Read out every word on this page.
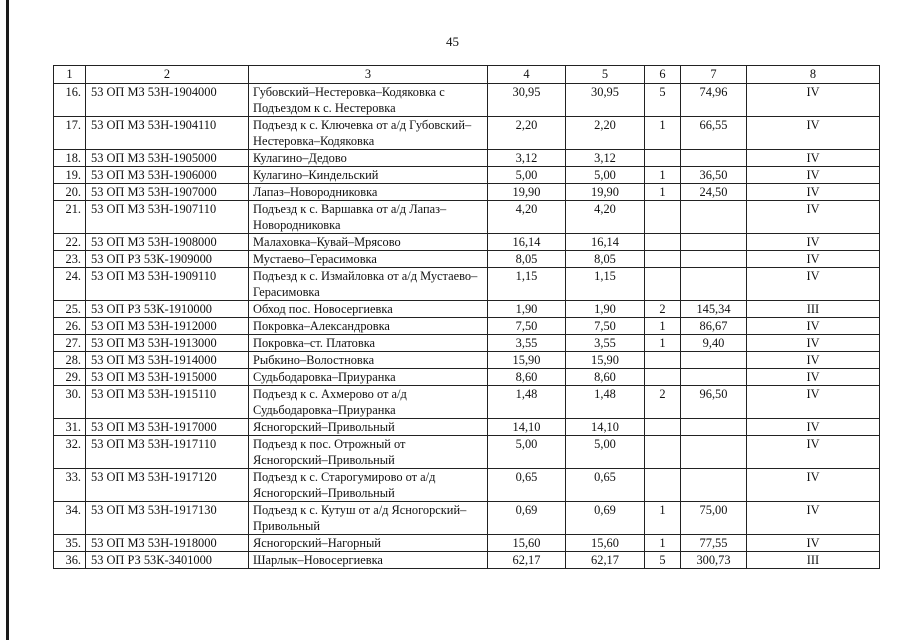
45
1	2	3	4	5	6	7	8
16.	53 ОП МЗ 53Н-1904000	Губовский–Нестеровка–Кодяковка с Подъездом к с. Нестеровка	30,95	30,95	5	74,96	IV
17.	53 ОП МЗ 53Н-1904110	Подъезд к с. Ключевка от а/д Губовский–Нестеровка–Кодяковка	2,20	2,20	1	66,55	IV
18.	53 ОП МЗ 53Н-1905000	Кулагино–Дедово	3,12	3,12			IV
19.	53 ОП МЗ 53Н-1906000	Кулагино–Киндельский	5,00	5,00	1	36,50	IV
20.	53 ОП МЗ 53Н-1907000	Лапаз–Новородниковка	19,90	19,90	1	24,50	IV
21.	53 ОП МЗ 53Н-1907110	Подъезд к с. Варшавка от а/д Лапаз–Новородниковка	4,20	4,20			IV
22.	53 ОП МЗ 53Н-1908000	Малаховка–Кувай–Мрясово	16,14	16,14			IV
23.	53 ОП РЗ 53К-1909000	Мустаево–Герасимовка	8,05	8,05			IV
24.	53 ОП МЗ 53Н-1909110	Подъезд к с. Измайловка от а/д Мустаево–Герасимовка	1,15	1,15			IV
25.	53 ОП РЗ 53К-1910000	Обход пос. Новосергиевка	1,90	1,90	2	145,34	III
26.	53 ОП МЗ 53Н-1912000	Покровка–Александровка	7,50	7,50	1	86,67	IV
27.	53 ОП МЗ 53Н-1913000	Покровка–ст. Платовка	3,55	3,55	1	9,40	IV
28.	53 ОП МЗ 53Н-1914000	Рыбкино–Волостновка	15,90	15,90			IV
29.	53 ОП МЗ 53Н-1915000	Судьбодаровка–Приуранка	8,60	8,60			IV
30.	53 ОП МЗ 53Н-1915110	Подъезд к с. Ахмерово от а/д Судьбодаровка–Приуранка	1,48	1,48	2	96,50	IV
31.	53 ОП МЗ 53Н-1917000	Ясногорский–Привольный	14,10	14,10			IV
32.	53 ОП МЗ 53Н-1917110	Подъезд к пос. Отрожный от Ясногорский–Привольный	5,00	5,00			IV
33.	53 ОП МЗ 53Н-1917120	Подъезд к с. Старогумирово от а/д Ясногорский–Привольный	0,65	0,65			IV
34.	53 ОП МЗ 53Н-1917130	Подъезд к с. Кутуш от а/д Ясногорский–Привольный	0,69	0,69	1	75,00	IV
35.	53 ОП МЗ 53Н-1918000	Ясногорский–Нагорный	15,60	15,60	1	77,55	IV
36.	53 ОП РЗ 53К-3401000	Шарлык–Новосергиевка	62,17	62,17	5	300,73	III
